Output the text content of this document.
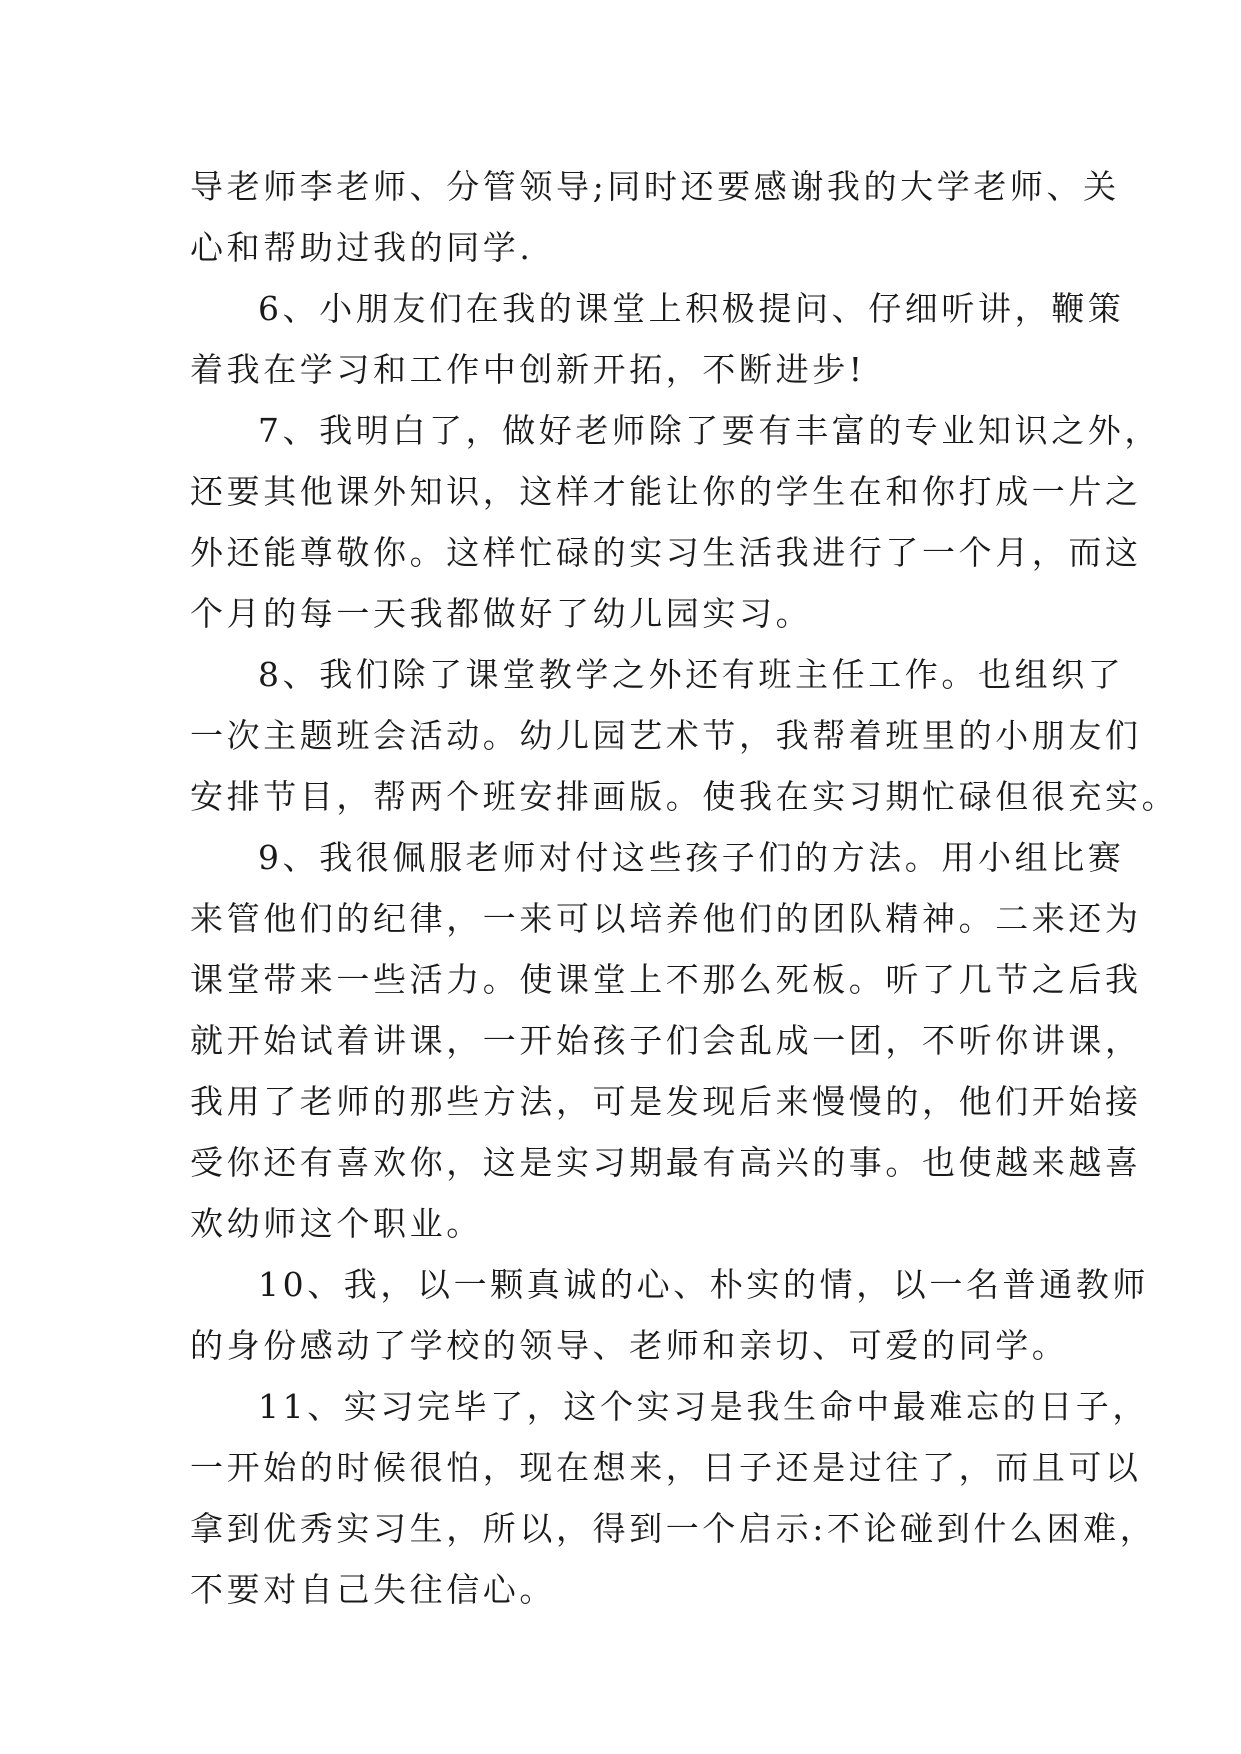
导老师李老师、分管领导;同时还要感谢我的大学老师、关
心和帮助过我的同学.
6、小朋友们在我的课堂上积极提问、仔细听讲，鞭策
着我在学习和工作中创新开拓，不断进步!
7、我明白了，做好老师除了要有丰富的专业知识之外，
还要其他课外知识，这样才能让你的学生在和你打成一片之
外还能尊敬你。这样忙碌的实习生活我进行了一个月，而这
个月的每一天我都做好了幼儿园实习。
8、我们除了课堂教学之外还有班主任工作。也组织了
一次主题班会活动。幼儿园艺术节，我帮着班里的小朋友们
安排节目，帮两个班安排画版。使我在实习期忙碌但很充实。
9、我很佩服老师对付这些孩子们的方法。用小组比赛
来管他们的纪律，一来可以培养他们的团队精神。二来还为
课堂带来一些活力。使课堂上不那么死板。听了几节之后我
就开始试着讲课，一开始孩子们会乱成一团，不听你讲课，
我用了老师的那些方法，可是发现后来慢慢的，他们开始接
受你还有喜欢你，这是实习期最有高兴的事。也使越来越喜
欢幼师这个职业。
10、我，以一颗真诚的心、朴实的情，以一名普通教师
的身份感动了学校的领导、老师和亲切、可爱的同学。
11、实习完毕了，这个实习是我生命中最难忘的日子，
一开始的时候很怕，现在想来，日子还是过往了，而且可以
拿到优秀实习生，所以，得到一个启示:不论碰到什么困难，
不要对自己失往信心。
